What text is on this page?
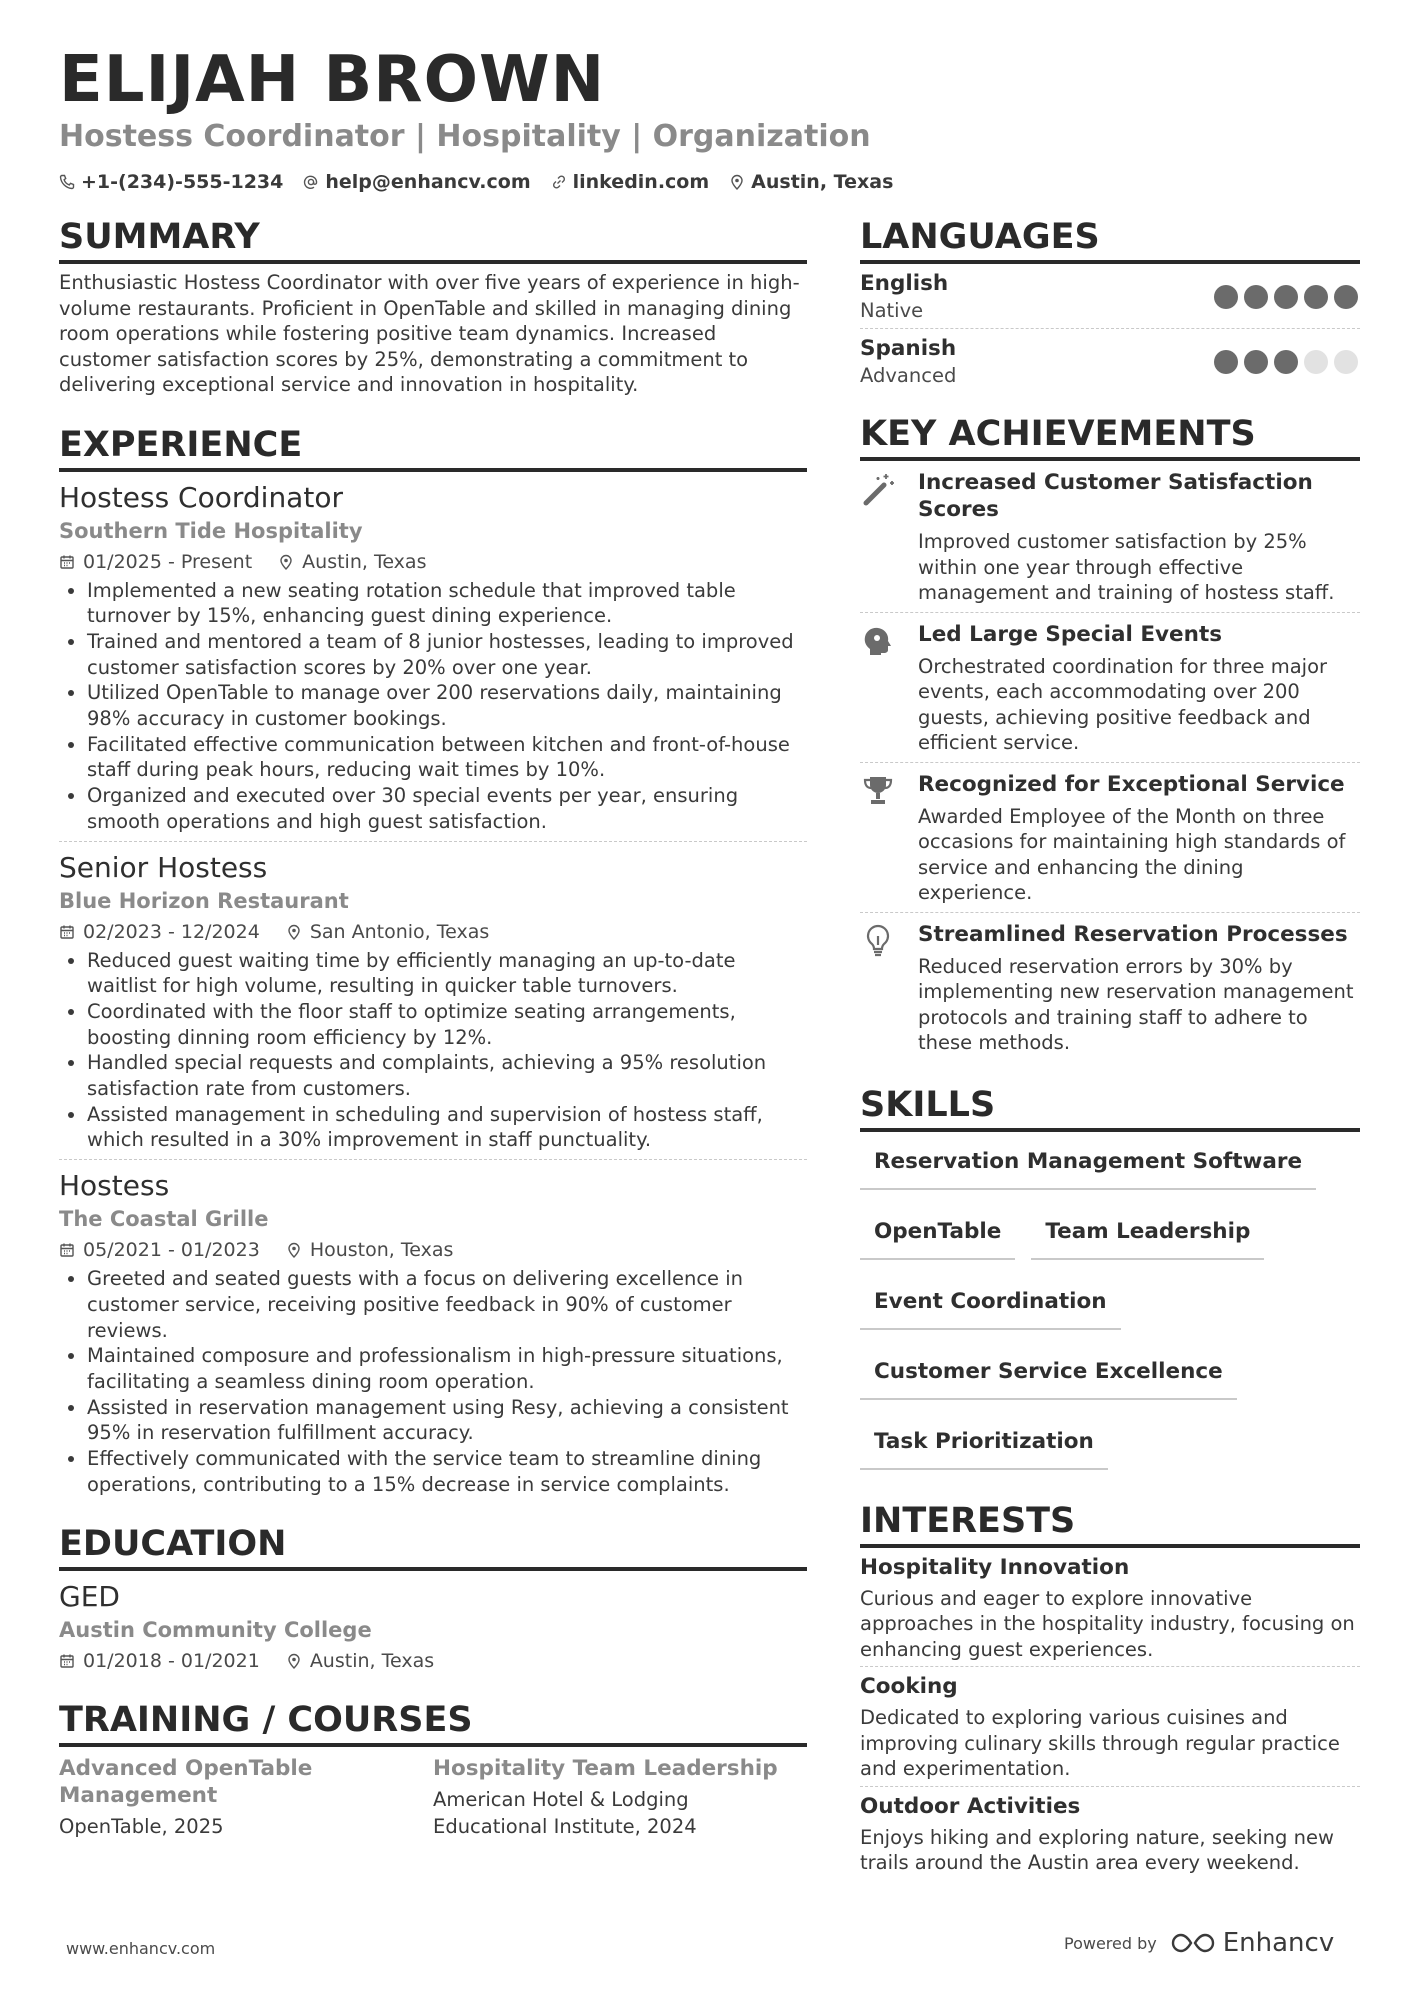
ELIJAH BROWN
Hostess Coordinator | Hospitality | Organization
+1-(234)-555-1234 help@enhancv.com linkedin.com Austin, Texas
SUMMARY
Enthusiastic Hostess Coordinator with over five years of experience in high-volume restaurants. Proficient in OpenTable and skilled in managing dining room operations while fostering positive team dynamics. Increased customer satisfaction scores by 25%, demonstrating a commitment to delivering exceptional service and innovation in hospitality.
EXPERIENCE
Hostess Coordinator
Southern Tide Hospitality
01/2025 - Present	Austin, Texas
• Implemented a new seating rotation schedule that improved table turnover by 15%, enhancing guest dining experience.
• Trained and mentored a team of 8 junior hostesses, leading to improved customer satisfaction scores by 20% over one year.
• Utilized OpenTable to manage over 200 reservations daily, maintaining 98% accuracy in customer bookings.
• Facilitated effective communication between kitchen and front-of-house staff during peak hours, reducing wait times by 10%.
• Organized and executed over 30 special events per year, ensuring smooth operations and high guest satisfaction.
Senior Hostess
Blue Horizon Restaurant
02/2023 - 12/2024	San Antonio, Texas
• Reduced guest waiting time by efficiently managing an up-to-date waitlist for high volume, resulting in quicker table turnovers.
• Coordinated with the floor staff to optimize seating arrangements, boosting dinning room efficiency by 12%.
• Handled special requests and complaints, achieving a 95% resolution satisfaction rate from customers.
• Assisted management in scheduling and supervision of hostess staff, which resulted in a 30% improvement in staff punctuality.
Hostess
The Coastal Grille
05/2021 - 01/2023	Houston, Texas
• Greeted and seated guests with a focus on delivering excellence in customer service, receiving positive feedback in 90% of customer reviews.
• Maintained composure and professionalism in high-pressure situations, facilitating a seamless dining room operation.
• Assisted in reservation management using Resy, achieving a consistent 95% in reservation fulfillment accuracy.
• Effectively communicated with the service team to streamline dining operations, contributing to a 15% decrease in service complaints.
EDUCATION
GED
Austin Community College
01/2018 - 01/2021	Austin, Texas
TRAINING / COURSES
Advanced OpenTable Management
OpenTable, 2025
Hospitality Team Leadership
American Hotel & Lodging Educational Institute, 2024
LANGUAGES
English
Native
Spanish
Advanced
KEY ACHIEVEMENTS
Increased Customer Satisfaction Scores
Improved customer satisfaction by 25% within one year through effective management and training of hostess staff.
Led Large Special Events
Orchestrated coordination for three major events, each accommodating over 200 guests, achieving positive feedback and efficient service.
Recognized for Exceptional Service
Awarded Employee of the Month on three occasions for maintaining high standards of service and enhancing the dining experience.
Streamlined Reservation Processes
Reduced reservation errors by 30% by implementing new reservation management protocols and training staff to adhere to these methods.
SKILLS
Reservation Management Software
OpenTable	Team Leadership
Event Coordination
Customer Service Excellence
Task Prioritization
INTERESTS
Hospitality Innovation
Curious and eager to explore innovative approaches in the hospitality industry, focusing on enhancing guest experiences.
Cooking
Dedicated to exploring various cuisines and improving culinary skills through regular practice and experimentation.
Outdoor Activities
Enjoys hiking and exploring nature, seeking new trails around the Austin area every weekend.
www.enhancv.com	Powered by	Enhancv
